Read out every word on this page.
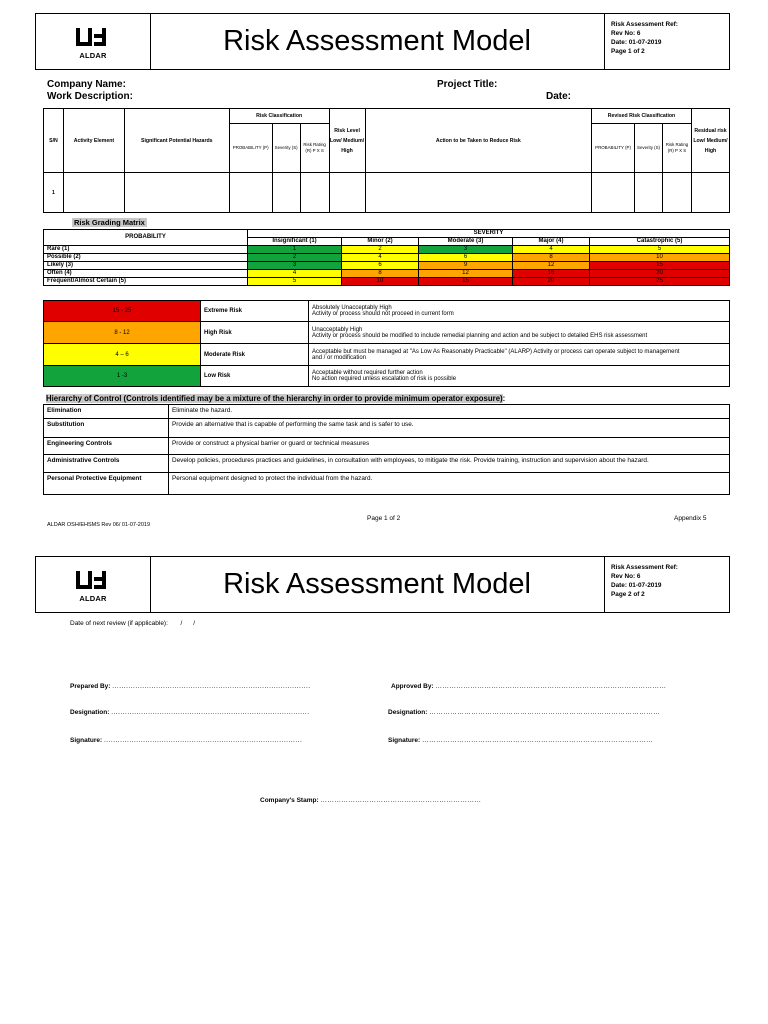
ALDAR	Risk Assessment Model
Risk Assessment Ref:
Rev No: 6
Date: 01-07-2019
Page 1 of 2
Company Name:
Work Description:
Project Title:
Date:
S/N	Activity Element	Significant Potential Hazards	Risk Classification			Risk Level Low/ Medium/ High	Action to be Taken to Reduce Risk	Revised Risk Classification			Residual risk Low/ Medium/ High
			PROBABILITY (P)	Severity (S)	Risk Rating (R) P X S			PROBABILITY (P)	Severity (S)	Risk Rating (R) P X S	
1											
Risk Grading Matrix
PROBABILITY	SEVERITY				
	Insignificant (1)	Minor (2)	Moderate (3)	Major (4)	Catastrophic (5)
Rare (1)	1	2	3	4	5
Possible (2)	2	4	6	8	10
Likely (3)	3	6	9	12	15
Often (4)	4	8	12	16	20
Frequent/Almost Certain (5)	5	10	15	20	25
15 - 25	Extreme Risk	Absolutely Unacceptably High
Activity or process should not proceed in current form

8 - 12	High Risk	Unacceptably High
Activity or process should be modified to include remedial planning and action and be subject to detailed EHS risk assessment

4 – 6	Moderate Risk	Acceptable but must be managed at "As Low As Reasonably Practicable" (ALARP) Activity or process can operate subject to management
and / or modification

1 -3	Low Risk	Acceptable without required further action
No action required unless escalation of risk is possible
Hierarchy of Control (Controls identified may be a mixture of the hierarchy in order to provide minimum operator exposure):
Elimination	Eliminate the hazard.
Substitution	Provide an alternative that is capable of performing the same task and is safer to use.
Engineering Controls	Provide or construct a physical barrier or guard or technical measures
Administrative Controls	Develop policies, procedures practices and guidelines, in consultation with employees, to mitigate the risk. Provide training, instruction and supervision about the hazard.
Personal Protective Equipment	Personal equipment designed to protect the individual from the hazard.
ALDAR OSH/EHSMS Rev 06/ 01-07-2019
Page 1 of 2	Appendix 5
ALDAR	Risk Assessment Model
Risk Assessment Ref:
Rev No: 6
Date: 01-07-2019
Page 2 of 2
Date of next review (if applicable):       /      /
Prepared By: ......................................................................................	Approved By: ………………………………………………………………………………………
Designation: ......................................................................................	Designation: ………………………………………………………………………………………
Signature: ......................................................................................	Signature: ………………………………………………………………………………………
Company's Stamp: ……………………………………………………………
